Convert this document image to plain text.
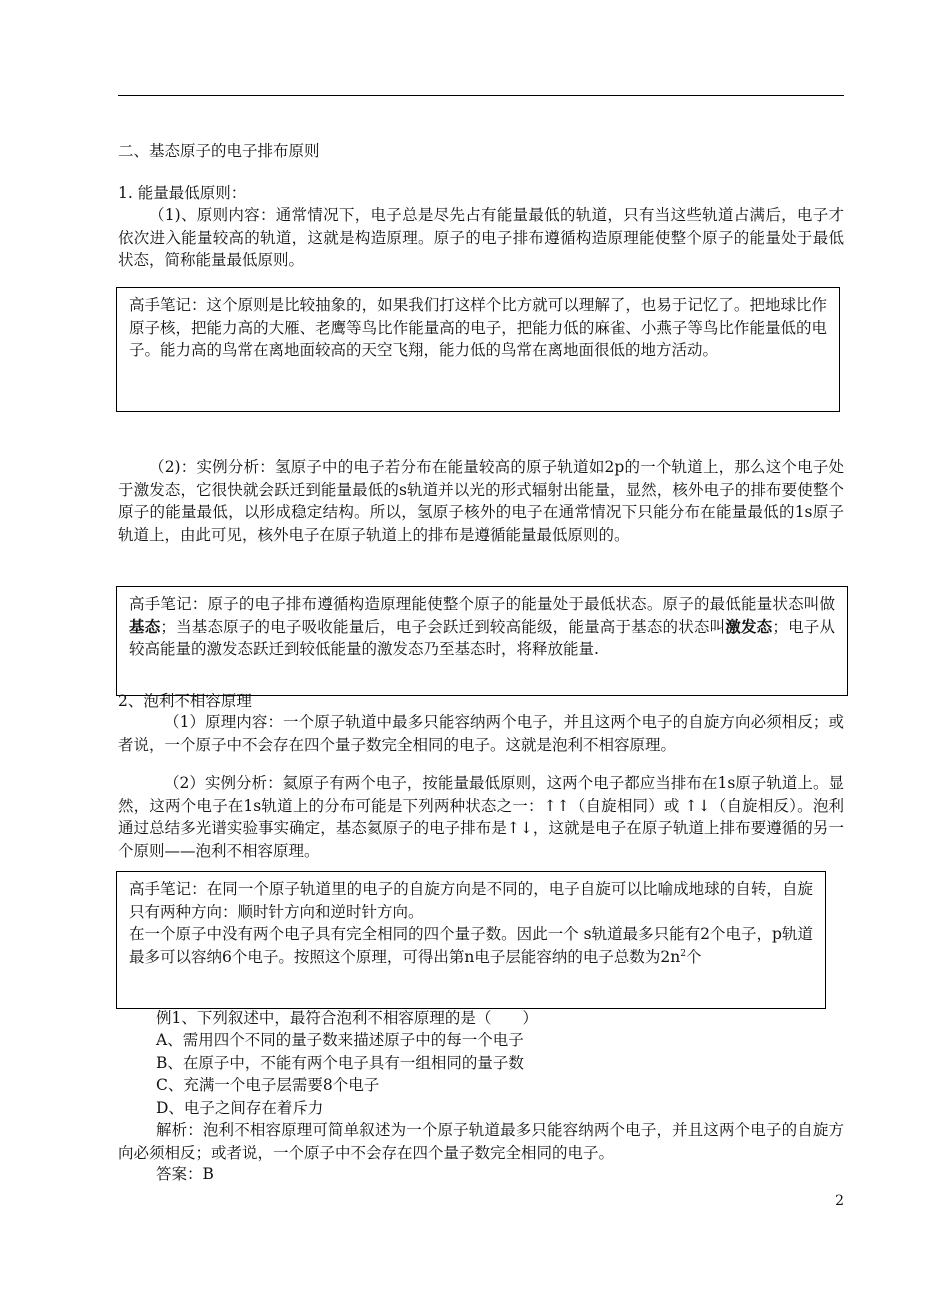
二、基态原子的电子排布原则
1. 能量最低原则：

（1)、原则内容：通常情况下，电子总是尽先占有能量最低的轨道，只有当这些轨道占满后，电子才依次进入能量较高的轨道，这就是构造原理。原子的电子排布遵循构造原理能使整个原子的能量处于最低状态，简称能量最低原则。

高手笔记：这个原则是比较抽象的，如果我们打这样个比方就可以理解了，也易于记忆了。把地球比作原子核，把能力高的大雁、老鹰等鸟比作能量高的电子，把能力低的麻雀、小燕子等鸟比作能量低的电子。能力高的鸟常在离地面较高的天空飞翔，能力低的鸟常在离地面很低的地方活动。

（2)：实例分析：氢原子中的电子若分布在能量较高的原子轨道如2p的一个轨道上，那么这个电子处于激发态，它很快就会跃迁到能量最低的s轨道并以光的形式辐射出能量，显然，核外电子的排布要使整个原子的能量最低，以形成稳定结构。所以，氢原子核外的电子在通常情况下只能分布在能量最低的1s原子轨道上，由此可见，核外电子在原子轨道上的排布是遵循能量最低原则的。

高手笔记：原子的电子排布遵循构造原理能使整个原子的能量处于最低状态。原子的最低能量状态叫做基态；当基态原子的电子吸收能量后，电子会跃迁到较高能级，能量高于基态的状态叫激发态；电子从较高能量的激发态跃迁到较低能量的激发态乃至基态时，将释放能量.
2、泡利不相容原理

（1）原理内容：一个原子轨道中最多只能容纳两个电子，并且这两个电子的自旋方向必须相反；或者说，一个原子中不会存在四个量子数完全相同的电子。这就是泡利不相容原理。

（2）实例分析：氦原子有两个电子，按能量最低原则，这两个电子都应当排布在1s原子轨道上。显然，这两个电子在1s轨道上的分布可能是下列两种状态之一：↑↑（自旋相同）或 ↑↓（自旋相反）。泡利通过总结多光谱实验事实确定，基态氦原子的电子排布是↑↓，这就是电子在原子轨道上排布要遵循的另一个原则——泡利不相容原理。

高手笔记：在同一个原子轨道里的电子的自旋方向是不同的，电子自旋可以比喻成地球的自转，自旋只有两种方向：顺时针方向和逆时针方向。
在一个原子中没有两个电子具有完全相同的四个量子数。因此一个 s轨道最多只能有2个电子，p轨道最多可以容纳6个电子。按照这个原理，可得出第n电子层能容纳的电子总数为$2n^2$个
例1、下列叙述中，最符合泡利不相容原理的是（　　）
A、需用四个不同的量子数来描述原子中的每一个电子
B、在原子中，不能有两个电子具有一组相同的量子数
C、充满一个电子层需要8个电子
D、电子之间存在着斥力

解析：泡利不相容原理可简单叙述为一个原子轨道最多只能容纳两个电子，并且这两个电子的自旋方向必须相反；或者说，一个原子中不会存在四个量子数完全相同的电子。

答案：B
2
